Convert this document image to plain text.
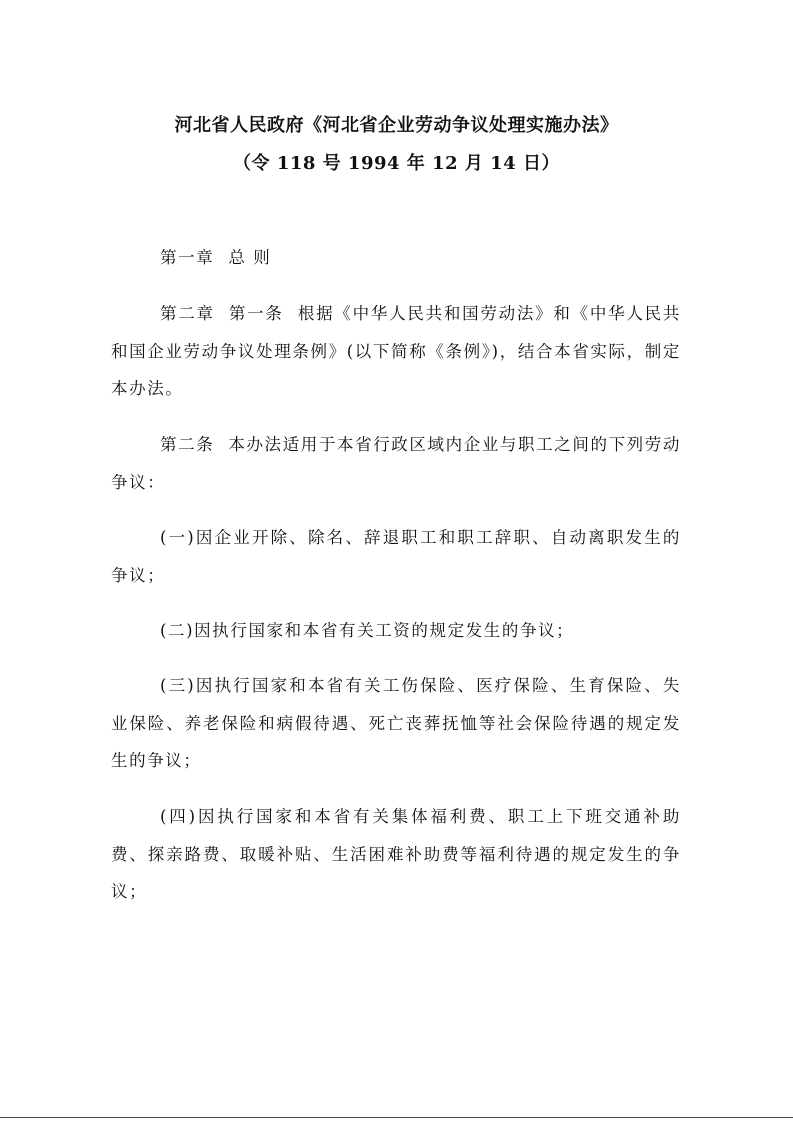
河北省人民政府《河北省企业劳动争议处理实施办法》
（令 118 号 1994 年 12 月 14 日）
第一章 总 则
第二章 第一条 根据《中华人民共和国劳动法》和《中华人民共和国企业劳动争议处理条例》(以下简称《条例》)，结合本省实际，制定本办法。
第二条 本办法适用于本省行政区域内企业与职工之间的下列劳动争议：
(一)因企业开除、除名、辞退职工和职工辞职、自动离职发生的争议；
(二)因执行国家和本省有关工资的规定发生的争议；
(三)因执行国家和本省有关工伤保险、医疗保险、生育保险、失业保险、养老保险和病假待遇、死亡丧葬抚恤等社会保险待遇的规定发生的争议；
(四)因执行国家和本省有关集体福利费、职工上下班交通补助费、探亲路费、取暖补贴、生活困难补助费等福利待遇的规定发生的争议；
